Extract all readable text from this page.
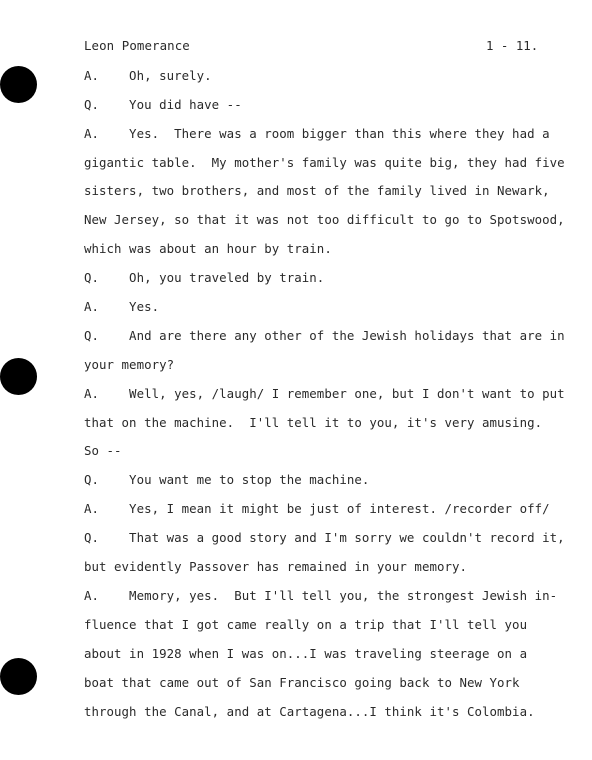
Leon Pomerance	1 - 11.
A.    Oh, surely.
Q.    You did have --
A.    Yes.  There was a room bigger than this where they had a
gigantic table.  My mother's family was quite big, they had five
sisters, two brothers, and most of the family lived in Newark,
New Jersey, so that it was not too difficult to go to Spotswood,
which was about an hour by train.
Q.    Oh, you traveled by train.
A.    Yes.
Q.    And are there any other of the Jewish holidays that are in
your memory?
A.    Well, yes, /laugh/ I remember one, but I don't want to put
that on the machine.  I'll tell it to you, it's very amusing.
So --
Q.    You want me to stop the machine.
A.    Yes, I mean it might be just of interest. /recorder off/
Q.    That was a good story and I'm sorry we couldn't record it,
but evidently Passover has remained in your memory.
A.    Memory, yes.  But I'll tell you, the strongest Jewish in-
fluence that I got came really on a trip that I'll tell you
about in 1928 when I was on...I was traveling steerage on a
boat that came out of San Francisco going back to New York
through the Canal, and at Cartagena...I think it's Colombia.
